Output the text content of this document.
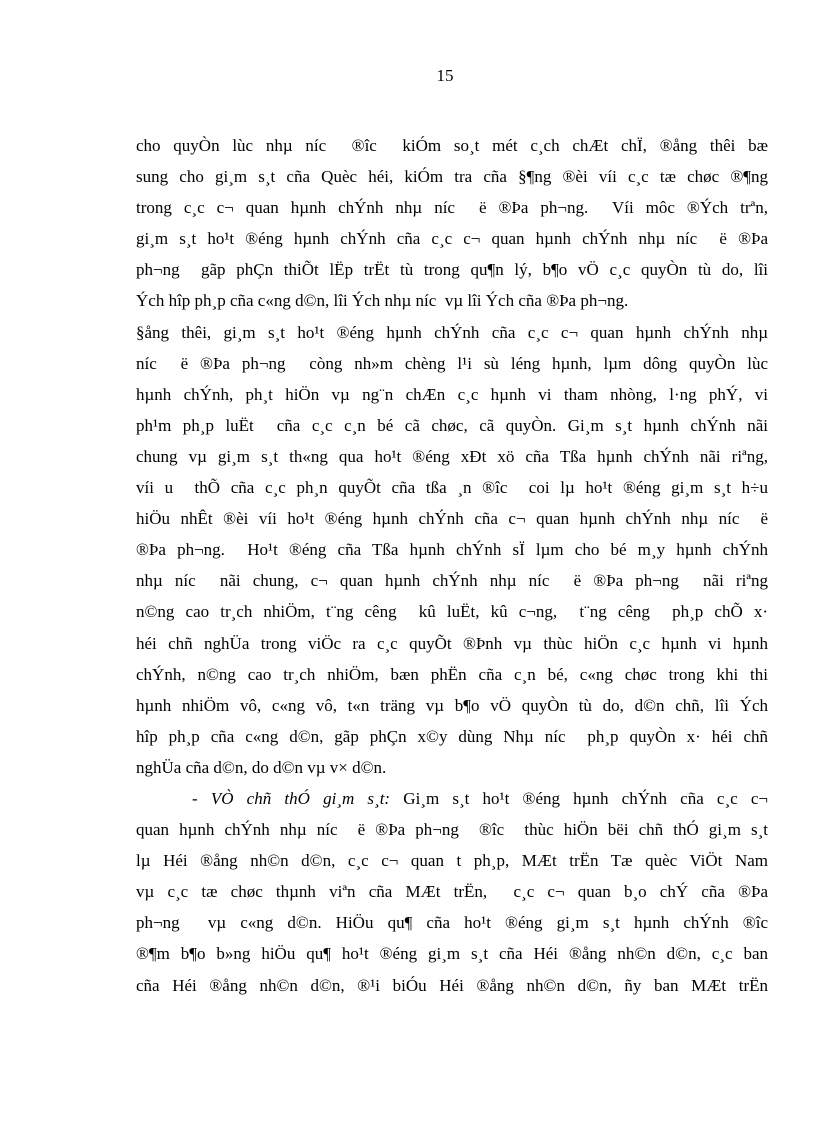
15
cho quyÒn lùc nhµ níc  ®îc  kiÓm so¸t mét c¸ch chÆt chÏ, ®ång thêi bæ
sung cho gi¸m s¸t cña Quèc héi, kiÓm tra cña §¶ng ®èi víi c¸c tæ chøc ®¶ng
trong c¸c c¬ quan hµnh chÝnh nhµ níc  ë ®Þa ph¬ng.  Víi môc ®Ých trªn,
gi¸m s¸t ho¹t ®éng hµnh chÝnh cña c¸c c¬ quan hµnh chÝnh nhµ níc  ë ®Þa
ph¬ng  gãp phÇn thiÕt lËp trËt tù trong qu¶n lý, b¶o vÖ c¸c quyÒn tù do, lîi
Ých hîp ph¸p cña c«ng d©n, lîi Ých nhµ níc  vµ lîi Ých cña ®Þa ph¬ng.
§ång thêi, gi¸m s¸t ho¹t ®éng hµnh chÝnh cña c¸c c¬ quan hµnh chÝnh nhµ
níc  ë ®Þa ph¬ng  còng nh»m chèng l¹i sù léng hµnh, lµm dông quyÒn lùc
hµnh chÝnh, ph¸t hiÖn vµ ng¨n chÆn c¸c hµnh vi tham nhòng, l·ng phÝ, vi
ph¹m ph¸p luËt  cña c¸c c¸n bé cã chøc, cã quyÒn. Gi¸m s¸t hµnh chÝnh nãi
chung vµ gi¸m s¸t th«ng qua ho¹t ®éng xÐt xö cña Tßa hµnh chÝnh nãi riªng,
víi u  thÕ cña c¸c ph¸n quyÕt cña tßa ¸n ®îc  coi lµ ho¹t ®éng gi¸m s¸t h÷u
hiÖu nhÊt ®èi víi ho¹t ®éng hµnh chÝnh cña c¬ quan hµnh chÝnh nhµ níc  ë
®Þa ph¬ng.  Ho¹t ®éng cña Tßa hµnh chÝnh sÏ lµm cho bé m¸y hµnh chÝnh
nhµ níc  nãi chung, c¬ quan hµnh chÝnh nhµ níc  ë ®Þa ph¬ng  nãi riªng
n©ng cao tr¸ch nhiÖm, t¨ng cêng  kû luËt, kû c¬ng,  t¨ng cêng  ph¸p chÕ x·
héi chñ nghÜa trong viÖc ra c¸c quyÕt ®Þnh vµ thùc hiÖn c¸c hµnh vi hµnh
chÝnh, n©ng cao tr¸ch nhiÖm, bæn phËn cña c¸n bé, c«ng chøc trong khi thi
hµnh nhiÖm vô, c«ng vô, t«n träng vµ b¶o vÖ quyÒn tù do, d©n chñ, lîi Ých
hîp ph¸p cña c«ng d©n, gãp phÇn x©y dùng Nhµ níc  ph¸p quyÒn x· héi chñ
nghÜa cña d©n, do d©n vµ v× d©n.
- VÒ chñ thÓ gi¸m s¸t: Gi¸m s¸t ho¹t ®éng hµnh chÝnh cña c¸c c¬
quan hµnh chÝnh nhµ níc  ë ®Þa ph¬ng  ®îc  thùc hiÖn bëi chñ thÓ gi¸m s¸t
lµ Héi ®ång nh©n d©n, c¸c c¬ quan t ph¸p, MÆt trËn Tæ quèc ViÖt Nam
vµ c¸c tæ chøc thµnh viªn cña MÆt trËn,  c¸c c¬ quan b¸o chÝ cña ®Þa
ph¬ng  vµ c«ng d©n. HiÖu qu¶ cña ho¹t ®éng gi¸m s¸t hµnh chÝnh ®îc
®¶m b¶o b»ng hiÖu qu¶ ho¹t ®éng gi¸m s¸t cña Héi ®ång nh©n d©n, c¸c ban
cña Héi ®ång nh©n d©n, ®¹i biÓu Héi ®ång nh©n d©n, ñy ban MÆt trËn
